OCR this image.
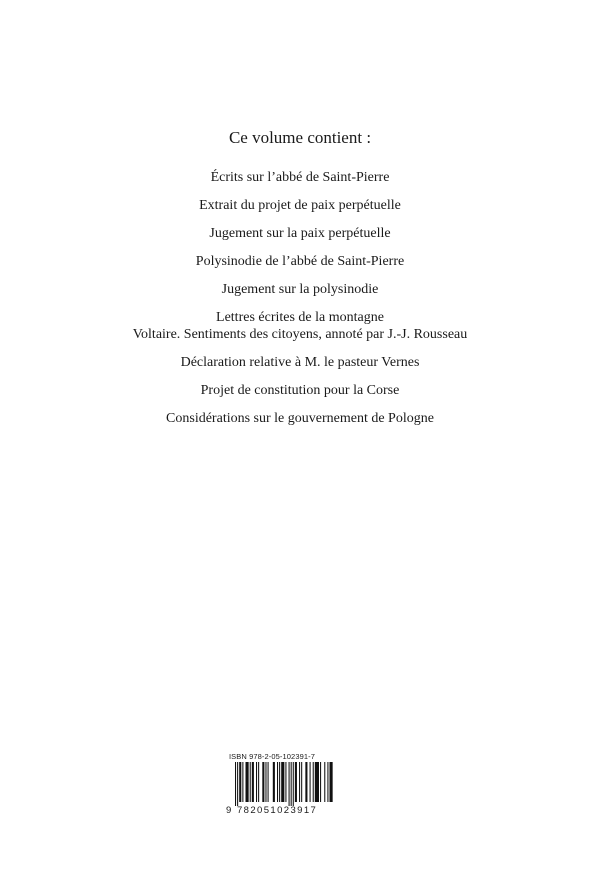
Ce volume contient :
Écrits sur l’abbé de Saint-Pierre
Extrait du projet de paix perpétuelle
Jugement sur la paix perpétuelle
Polysinodie de l’abbé de Saint-Pierre
Jugement sur la polysinodie
Lettres écrites de la montagne
Voltaire. Sentiments des citoyens, annoté par J.-J. Rousseau
Déclaration relative à M. le pasteur Vernes
Projet de constitution pour la Corse
Considérations sur le gouvernement de Pologne
ISBN 978-2-05-102391-7
9 782051023917
